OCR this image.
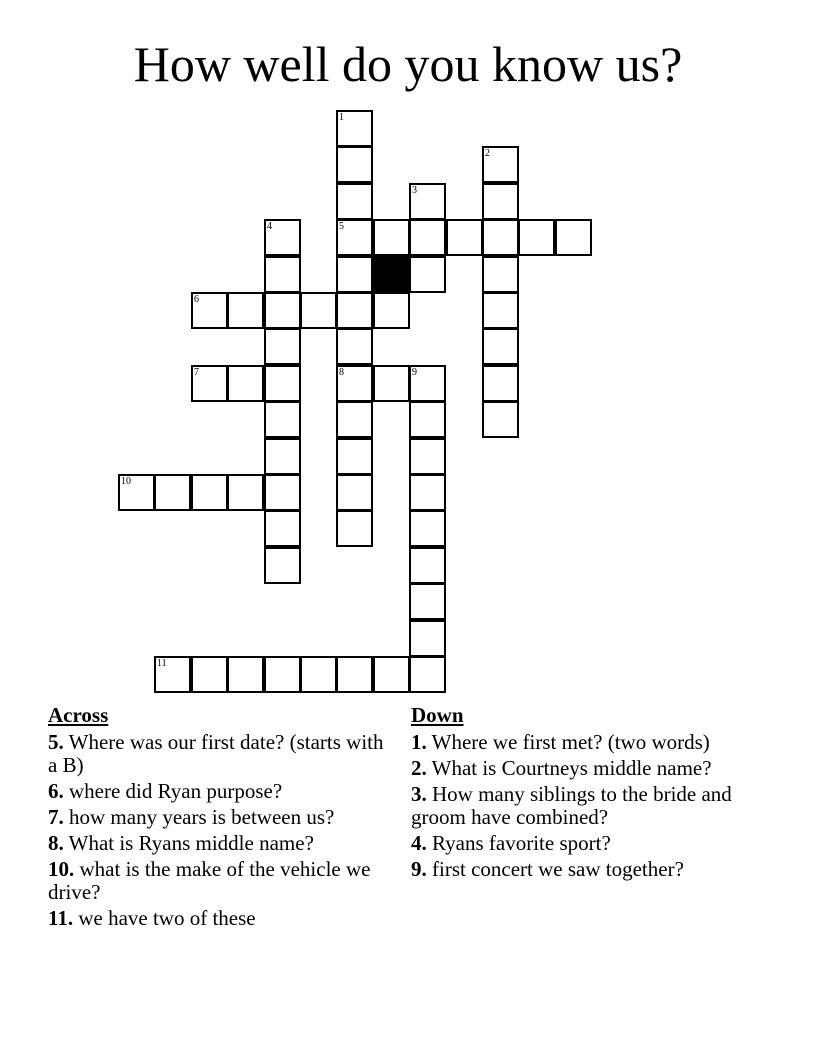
How well do you know us?
1
2
3
4	5
6
7	8	9
10
11
Across
5. Where was our first date? (starts with a B)
6. where did Ryan purpose?
7. how many years is between us?
8. What is Ryans middle name?
10. what is the make of the vehicle we drive?
11. we have two of these
Down
1. Where we first met? (two words)
2. What is Courtneys middle name?
3. How many siblings to the bride and groom have combined?
4. Ryans favorite sport?
9. first concert we saw together?
